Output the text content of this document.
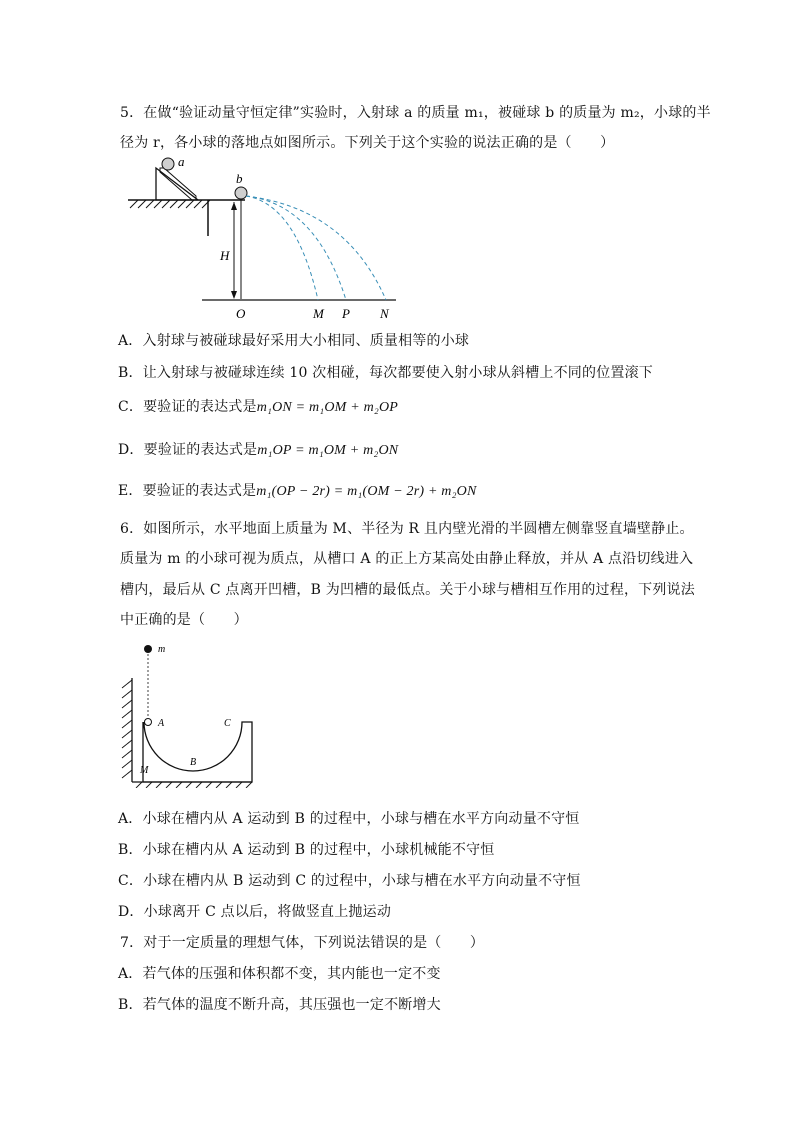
5．在做“验证动量守恒定律”实验时，入射球 a 的质量 m₁，被碰球 b 的质量为 m₂，小球的半
径为 r，各小球的落地点如图所示。下列关于这个实验的说法正确的是（　　）
a
b
H
O	M P N
A．入射球与被碰球最好采用大小相同、质量相等的小球
B．让入射球与被碰球连续 10 次相碰，每次都要使入射小球从斜槽上不同的位置滚下
C．要验证的表达式是m₁ON = m₁OM + m₂OP
D．要验证的表达式是m₁OP = m₁OM + m₂ON
E．要验证的表达式是m₁(OP − 2r) = m₁(OM − 2r) + m₂ON
6．如图所示，水平地面上质量为 M、半径为 R 且内壁光滑的半圆槽左侧靠竖直墙壁静止。
质量为 m 的小球可视为质点，从槽口 A 的正上方某高处由静止释放，并从 A 点沿切线进入
槽内，最后从 C 点离开凹槽，B 为凹槽的最低点。关于小球与槽相互作用的过程，下列说法
中正确的是（　　）
m
A	C
B
M
A．小球在槽内从 A 运动到 B 的过程中，小球与槽在水平方向动量不守恒
B．小球在槽内从 A 运动到 B 的过程中，小球机械能不守恒
C．小球在槽内从 B 运动到 C 的过程中，小球与槽在水平方向动量不守恒
D．小球离开 C 点以后，将做竖直上抛运动
7．对于一定质量的理想气体，下列说法错误的是（　　）
A．若气体的压强和体积都不变，其内能也一定不变
B．若气体的温度不断升高，其压强也一定不断增大
